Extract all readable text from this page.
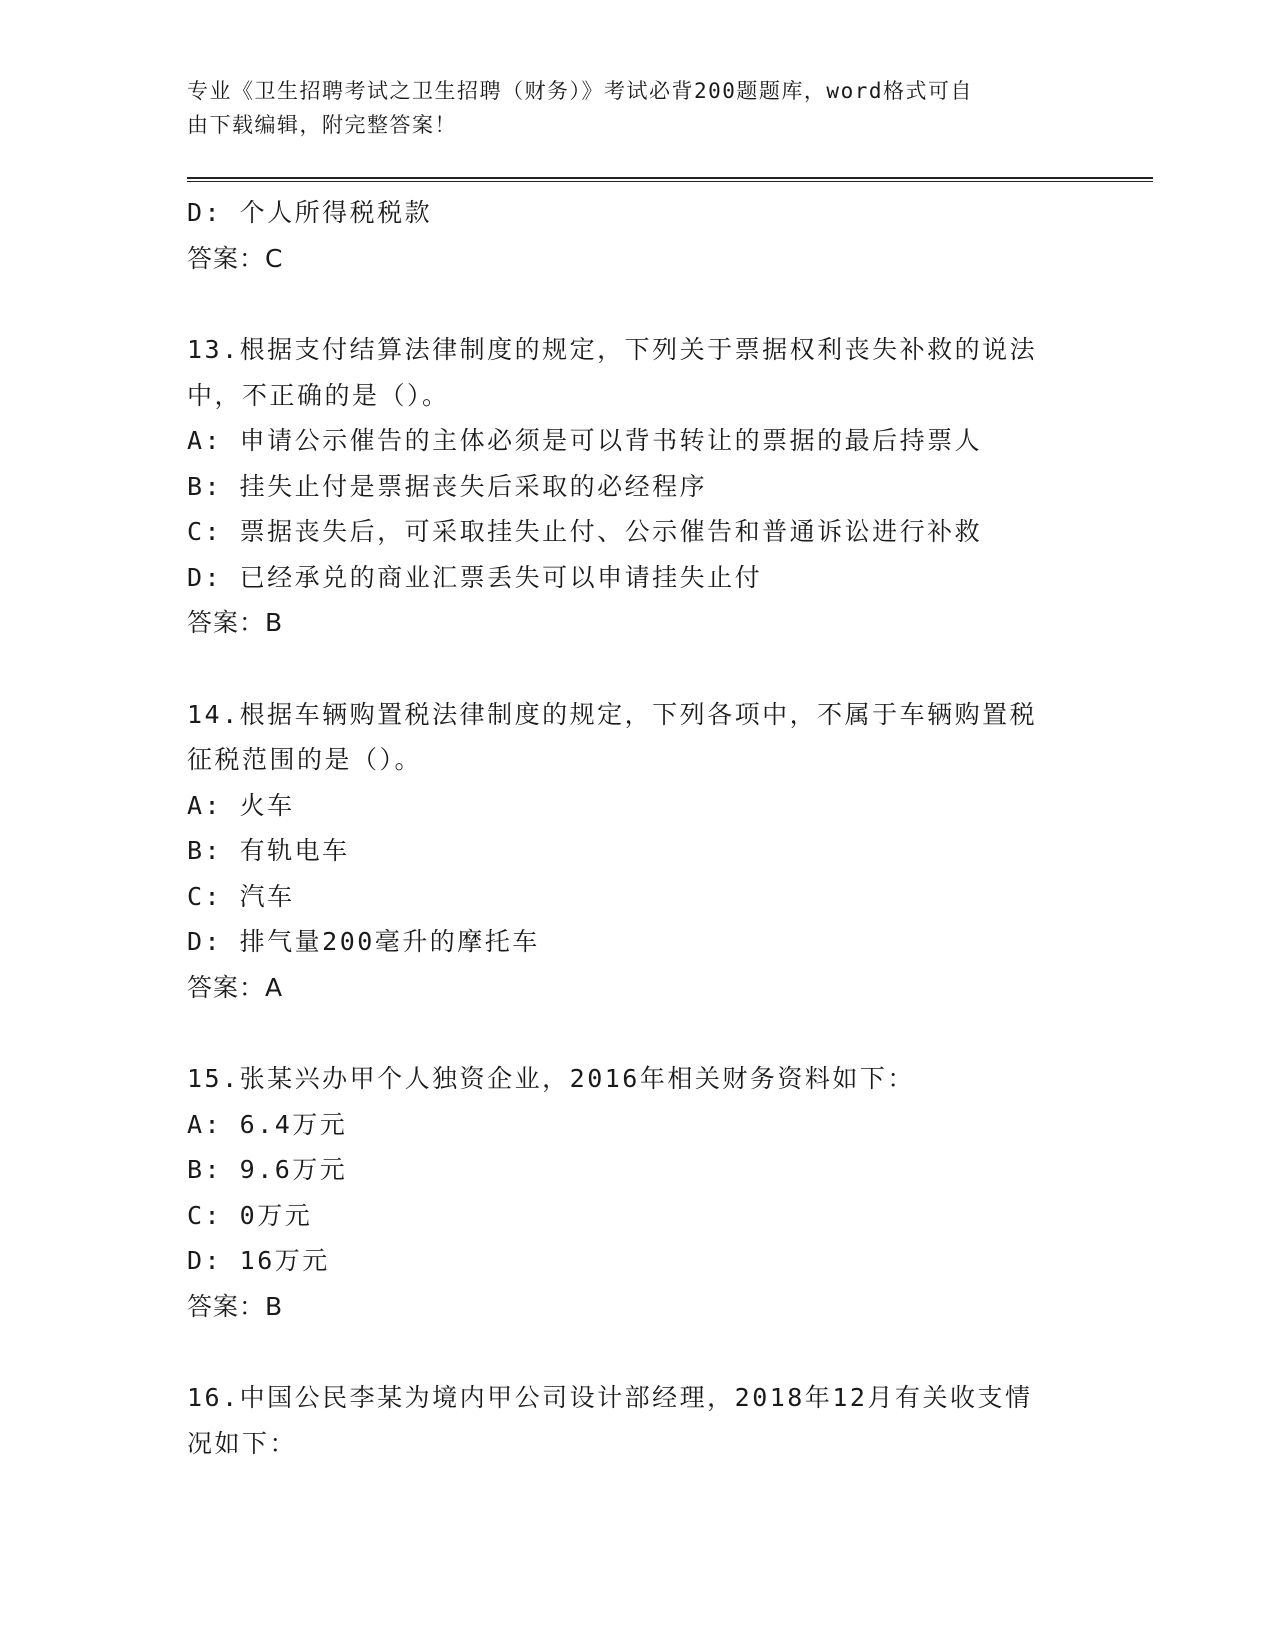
专业《卫生招聘考试之卫生招聘（财务）》考试必背200题题库，word格式可自
由下载编辑，附完整答案！
D: 个人所得税税款
答案：C
13.根据支付结算法律制度的规定，下列关于票据权利丧失补救的说法
中，不正确的是（）。
A: 申请公示催告的主体必须是可以背书转让的票据的最后持票人
B: 挂失止付是票据丧失后采取的必经程序
C: 票据丧失后，可采取挂失止付、公示催告和普通诉讼进行补救
D: 已经承兑的商业汇票丢失可以申请挂失止付
答案：B
14.根据车辆购置税法律制度的规定，下列各项中，不属于车辆购置税
征税范围的是（）。
A: 火车
B: 有轨电车
C: 汽车
D: 排气量200毫升的摩托车
答案：A
15.张某兴办甲个人独资企业，2016年相关财务资料如下：
A: 6.4万元
B: 9.6万元
C: 0万元
D: 16万元
答案：B
16.中国公民李某为境内甲公司设计部经理，2018年12月有关收支情
况如下：
